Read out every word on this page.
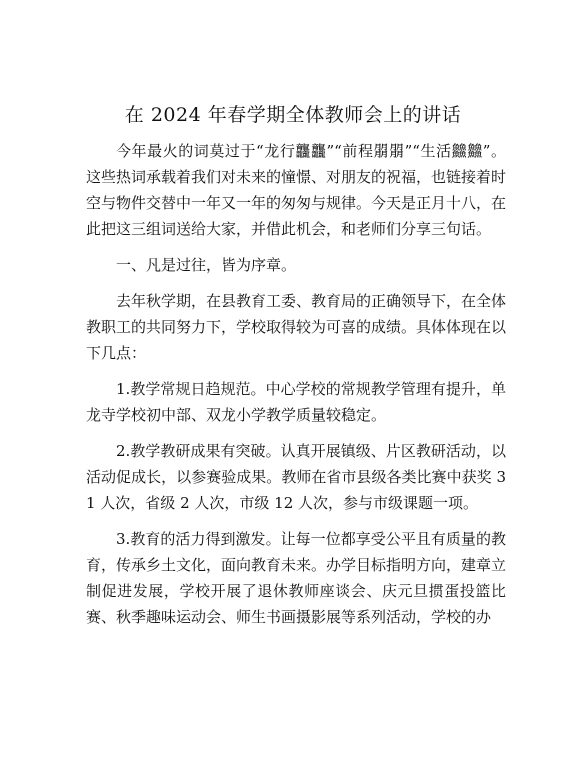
在 2024 年春学期全体教师会上的讲话

今年最火的词莫过于“龙行龘龘”“前程朤朤”“生活䲜䲜”。这些热词承载着我们对未来的憧憬、对朋友的祝福，也链接着时空与物件交替中一年又一年的匆匆与规律。今天是正月十八，在此把这三组词送给大家，并借此机会，和老师们分享三句话。

一、凡是过往，皆为序章。

去年秋学期，在县教育工委、教育局的正确领导下，在全体教职工的共同努力下，学校取得较为可喜的成绩。具体体现在以下几点：

1.教学常规日趋规范。中心学校的常规教学管理有提升，单龙寺学校初中部、双龙小学教学质量较稳定。

2.教学教研成果有突破。认真开展镇级、片区教研活动，以活动促成长，以参赛验成果。教师在省市县级各类比赛中获奖 31 人次，省级 2 人次，市级 12 人次，参与市级课题一项。

3.教育的活力得到激发。让每一位都享受公平且有质量的教育，传承乡土文化，面向教育未来。办学目标指明方向，建章立制促进发展，学校开展了退休教师座谈会、庆元旦掼蛋投篮比赛、秋季趣味运动会、师生书画摄影展等系列活动，学校的办
